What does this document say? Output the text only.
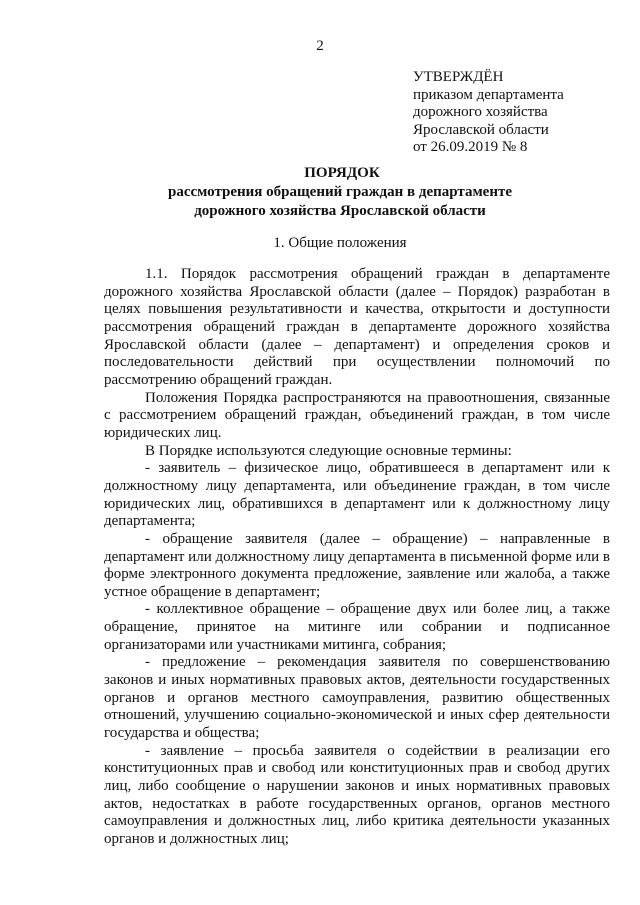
2
УТВЕРЖДЁН
приказом департамента
дорожного хозяйства
Ярославской области
от 26.09.2019 № 8
ПОРЯДОК
рассмотрения обращений граждан в департаменте
дорожного хозяйства Ярославской области
1. Общие положения

1.1. Порядок рассмотрения обращений граждан в департаменте дорожного хозяйства Ярославской области (далее – Порядок) разработан в целях повышения результативности и качества, открытости и доступности рассмотрения обращений граждан в департаменте дорожного хозяйства Ярославской области (далее – департамент) и определения сроков и последовательности действий при осуществлении полномочий по рассмотрению обращений граждан.

Положения Порядка распространяются на правоотношения, связанные с рассмотрением обращений граждан, объединений граждан, в том числе юридических лиц.

В Порядке используются следующие основные термины:

- заявитель – физическое лицо, обратившееся в департамент или к должностному лицу департамента, или объединение граждан, в том числе юридических лиц, обратившихся в департамент или к должностному лицу департамента;

- обращение заявителя (далее – обращение) – направленные в департамент или должностному лицу департамента в письменной форме или в форме электронного документа предложение, заявление или жалоба, а также устное обращение в департамент;

- коллективное обращение – обращение двух или более лиц, а также обращение, принятое на митинге или собрании и подписанное организаторами или участниками митинга, собрания;

- предложение – рекомендация заявителя по совершенствованию законов и иных нормативных правовых актов, деятельности государственных органов и органов местного самоуправления, развитию общественных отношений, улучшению социально-экономической и иных сфер деятельности государства и общества;

- заявление – просьба заявителя о содействии в реализации его конституционных прав и свобод или конституционных прав и свобод других лиц, либо сообщение о нарушении законов и иных нормативных правовых актов, недостатках в работе государственных органов, органов местного самоуправления и должностных лиц, либо критика деятельности указанных органов и должностных лиц;
